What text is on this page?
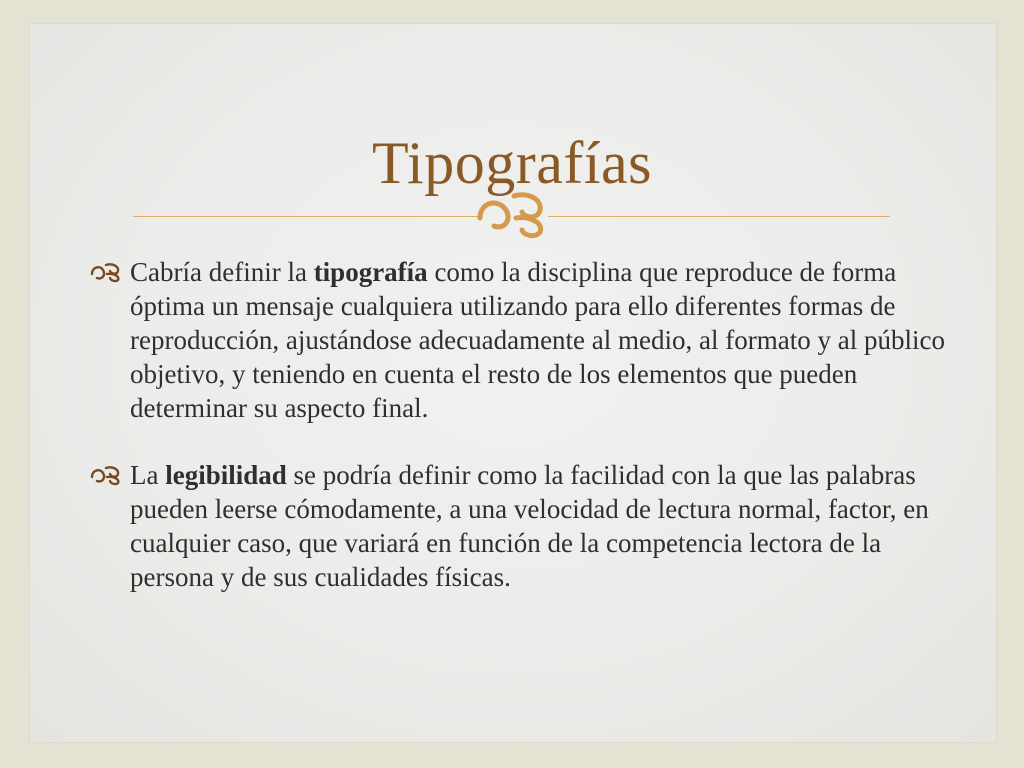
Tipografías
Cabría definir la tipografía como la disciplina que reproduce de forma óptima un mensaje cualquiera utilizando para ello diferentes formas de reproducción, ajustándose adecuadamente al medio, al formato y al público objetivo, y teniendo en cuenta el resto de los elementos que pueden determinar su aspecto final.
La legibilidad se podría definir como la facilidad con la que las palabras pueden leerse cómodamente, a una velocidad de lectura normal, factor, en cualquier caso, que variará en función de la competencia lectora de la persona y de sus cualidades físicas.
